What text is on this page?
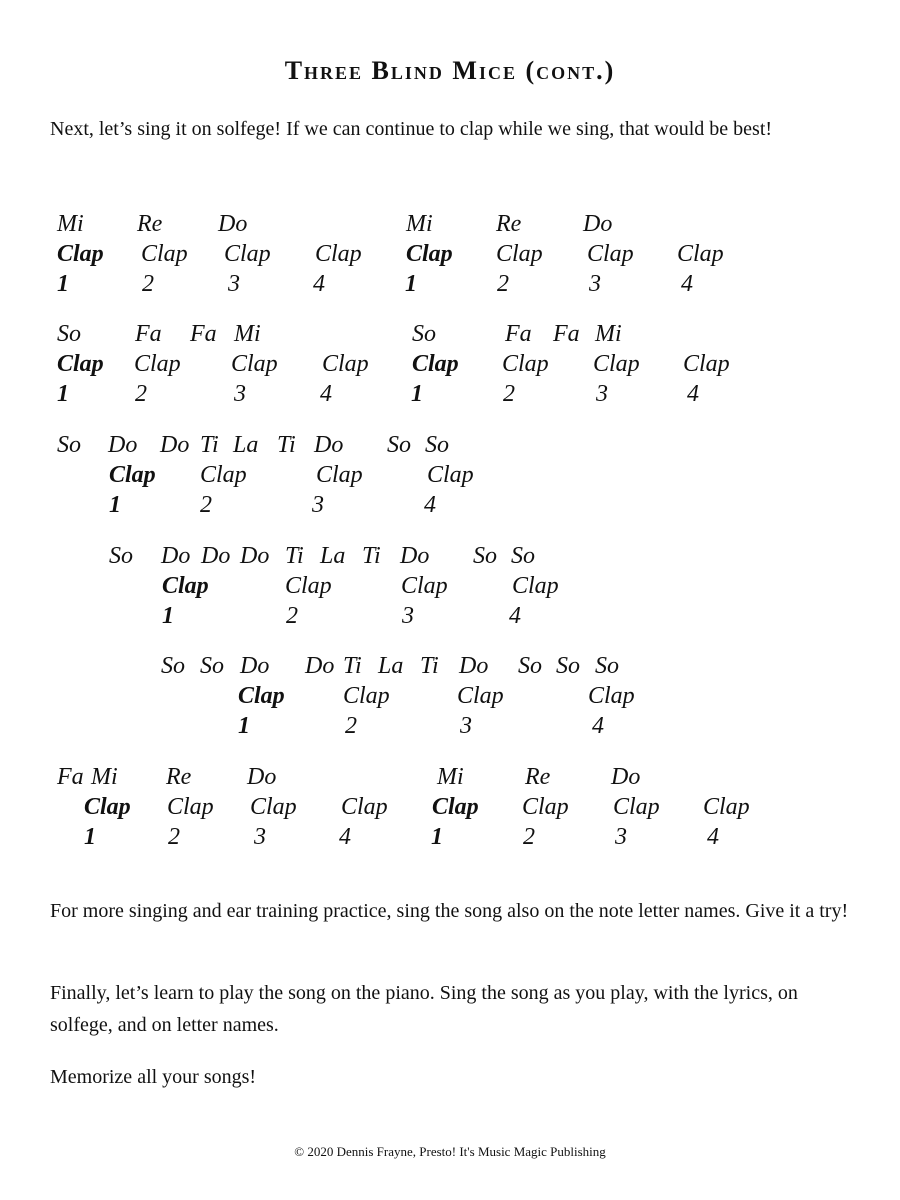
Three Blind Mice (cont.)
Next, let’s sing it on solfege! If we can continue to clap while we sing, that would be best!
Mi Re Do	Mi	Re	Do
Clap Clap Clap Clap Clap Clap Clap Clap
1	2	3	4	1	2	3	4
So Fa Fa Mi	So	Fa Fa Mi
Clap Clap Clap Clap Clap Clap Clap Clap
1	2	3	4	1	2	3	4
So Do Do Ti La Ti Do So So
Clap Clap	Clap	Clap
1	2	3	4
So Do Do Do Ti La Ti Do So So
Clap	Clap	Clap	Clap
1	2	3	4
So So Do Do Ti La Ti Do So So So
Clap Clap	Clap	Clap
1	2	3	4
Fa Mi Re Do	Mi	Re	Do
Clap Clap Clap Clap Clap Clap Clap Clap
1	2	3	4	1	2	3	4
For more singing and ear training practice, sing the song also on the note letter names. Give it a try!
Finally, let’s learn to play the song on the piano. Sing the song as you play, with the lyrics, on solfege, and on letter names.
Memorize all your songs!
© 2020 Dennis Frayne, Presto! It's Music Magic Publishing
